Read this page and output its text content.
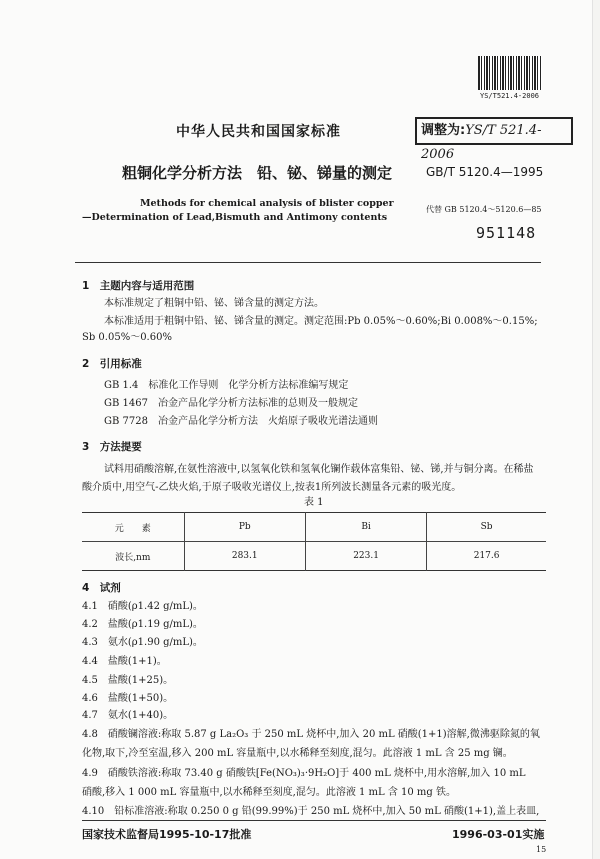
YS/T521.4-2006
中华人民共和国国家标准	调整为:YS/T 521.4-2006
粗铜化学分析方法　铅、铋、锑量的测定	GB/T 5120.4—1995
Methods for chemical analysis of blister copper
—Determination of Lead,Bismuth and Antimony contents
代替 GB 5120.4～5120.6—85
951148
1　主题内容与适用范围
本标准规定了粗铜中铅、铋、锑含量的测定方法。
本标准适用于粗铜中铅、铋、锑含量的测定。测定范围:Pb 0.05%～0.60%;Bi 0.008%～0.15%;
Sb 0.05%～0.60%
2　引用标准
GB 1.4　标准化工作导则　化学分析方法标准编写规定
GB 1467　冶金产品化学分析方法标准的总则及一般规定
GB 7728　冶金产品化学分析方法　火焰原子吸收光谱法通则
3　方法提要
试料用硝酸溶解,在氨性溶液中,以氢氧化铁和氢氧化镧作载体富集铅、铋、锑,并与铜分离。在稀盐
酸介质中,用空气-乙炔火焰,于原子吸收光谱仪上,按表1所列波长测量各元素的吸光度。
表 1
元　　素	Pb	Bi	Sb
波长,nm	283.1	223.1	217.6
4　试剂
4.1　硝酸(ρ1.42 g/mL)。
4.2　盐酸(ρ1.19 g/mL)。
4.3　氨水(ρ1.90 g/mL)。
4.4　盐酸(1+1)。
4.5　盐酸(1+25)。
4.6　盐酸(1+50)。
4.7　氨水(1+40)。
4.8　硝酸镧溶液:称取 5.87 g La₂O₃ 于 250 mL 烧杯中,加入 20 mL 硝酸(1+1)溶解,微沸驱除氮的氧
化物,取下,冷至室温,移入 200 mL 容量瓶中,以水稀释至刻度,混匀。此溶液 1 mL 含 25 mg 镧。
4.9　硝酸铁溶液:称取 73.40 g 硝酸铁[Fe(NO₃)₃·9H₂O]于 400 mL 烧杯中,用水溶解,加入 10 mL
硝酸,移入 1 000 mL 容量瓶中,以水稀释至刻度,混匀。此溶液 1 mL 含 10 mg 铁。
4.10　铅标准溶液:称取 0.250 0 g 铅(99.99%)于 250 mL 烧杯中,加入 50 mL 硝酸(1+1),盖上表皿,
国家技术监督局1995-10-17批准	1996-03-01实施
15
